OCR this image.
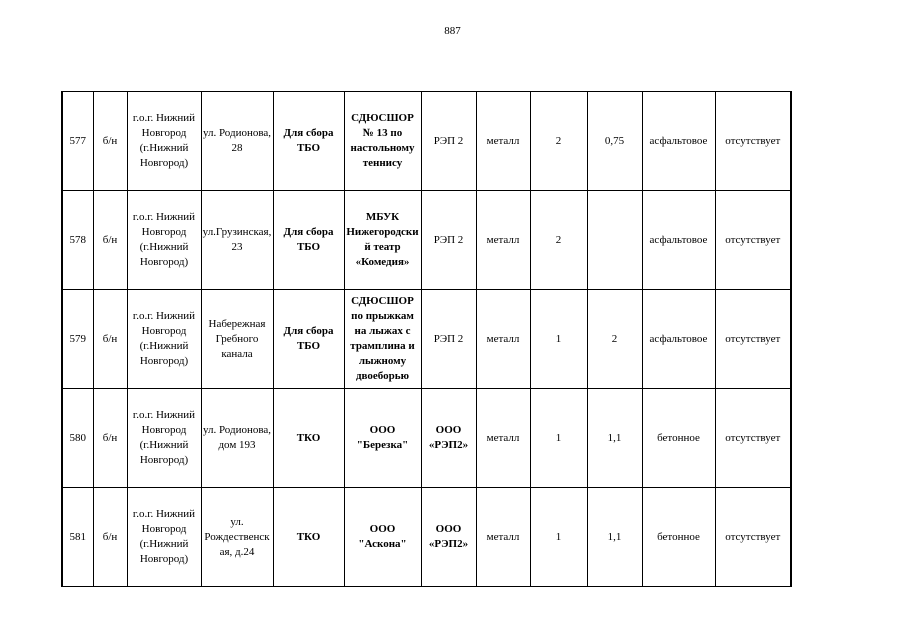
887
577	б/н	г.о.г. Нижний Новгород (г.Нижний Новгород)	ул. Родионова, 28	Для сбора ТБО	СДЮСШОР № 13 по настольному теннису	РЭП 2	металл	2	0,75	асфальтовое	отсутствует
578	б/н	г.о.г. Нижний Новгород (г.Нижний Новгород)	ул.Грузинская, 23	Для сбора ТБО	МБУК Нижегородский театр «Комедия»	РЭП 2	металл	2		асфальтовое	отсутствует
579	б/н	г.о.г. Нижний Новгород (г.Нижний Новгород)	Набережная Гребного канала	Для сбора ТБО	СДЮСШОР по прыжкам на лыжах с трамплина и лыжному двоеборью	РЭП 2	металл	1	2	асфальтовое	отсутствует
580	б/н	г.о.г. Нижний Новгород (г.Нижний Новгород)	ул. Родионова, дом 193	ТКО	ООО "Березка"	ООО «РЭП2»	металл	1	1,1	бетонное	отсутствует
581	б/н	г.о.г. Нижний Новгород (г.Нижний Новгород)	ул. Рождественская, д.24	ТКО	ООО "Аскона"	ООО «РЭП2»	металл	1	1,1	бетонное	отсутствует
